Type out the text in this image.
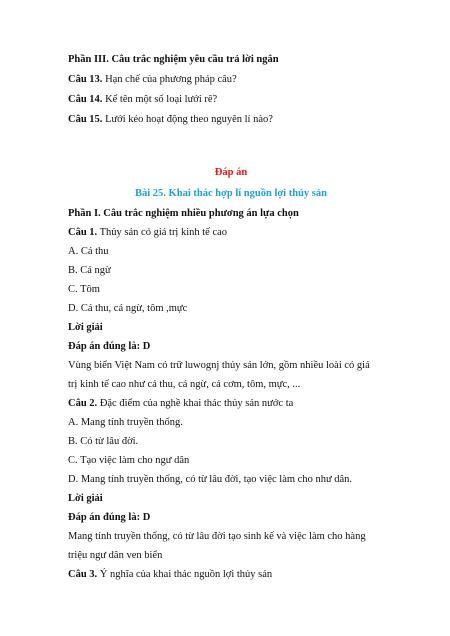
Phần III. Câu trắc nghiệm yêu cầu trả lời ngắn
Câu 13. Hạn chế của phương pháp câu?
Câu 14. Kể tên một số loại lưới rê?
Câu 15. Lưới kéo hoạt động theo nguyên lí nào?
Đáp án
Bài 25. Khai thác hợp lí nguồn lợi thủy sản
Phần I. Câu trắc nghiệm nhiều phương án lựa chọn
Câu 1. Thủy sản có giá trị kinh tế cao
A. Cá thu
B. Cá ngừ
C. Tôm
D. Cá thu, cá ngừ, tôm ,mực
Lời giải
Đáp án đúng là: D
Vùng biển Việt Nam có trữ luwognj thủy sản lớn, gồm nhiều loài có giá
trị kinh tế cao như cá thu, cá ngừ, cá cơm, tôm, mực, ...
Câu 2. Đặc điểm của nghề khai thác thủy sản nước ta
A. Mang tính truyền thống.
B. Có từ lâu đời.
C. Tạo việc làm cho ngư dân
D. Mang tính truyền thống, có từ lâu đời, tạo việc làm cho như dân.
Lời giải
Đáp án đúng là: D
Mang tính truyền thống, có từ lâu đời tạo sinh kế và việc làm cho hàng
triệu ngư dân ven biển
Câu 3. Ý nghĩa của khai thác nguồn lợi thủy sản
